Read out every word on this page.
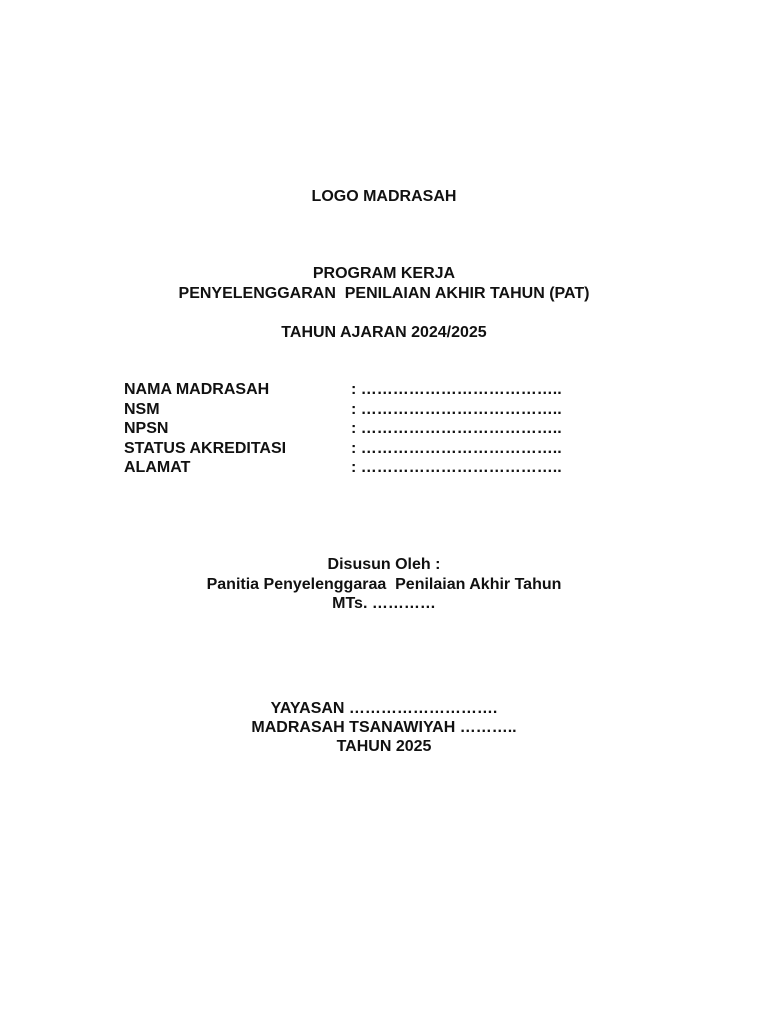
LOGO MADRASAH
PROGRAM KERJA
PENYELENGGARAN  PENILAIAN AKHIR TAHUN (PAT)
TAHUN AJARAN 2024/2025
NAMA MADRASAH	: ………………………………..
NSM	: ………………………………..
NPSN	: ………………………………..
STATUS AKREDITASI	: ………………………………..
ALAMAT	: ………………………………..
Disusun Oleh :
Panitia Penyelenggaraa  Penilaian Akhir Tahun
MTs. …………
YAYASAN ……………………….
MADRASAH TSANAWIYAH ………..
TAHUN 2025
